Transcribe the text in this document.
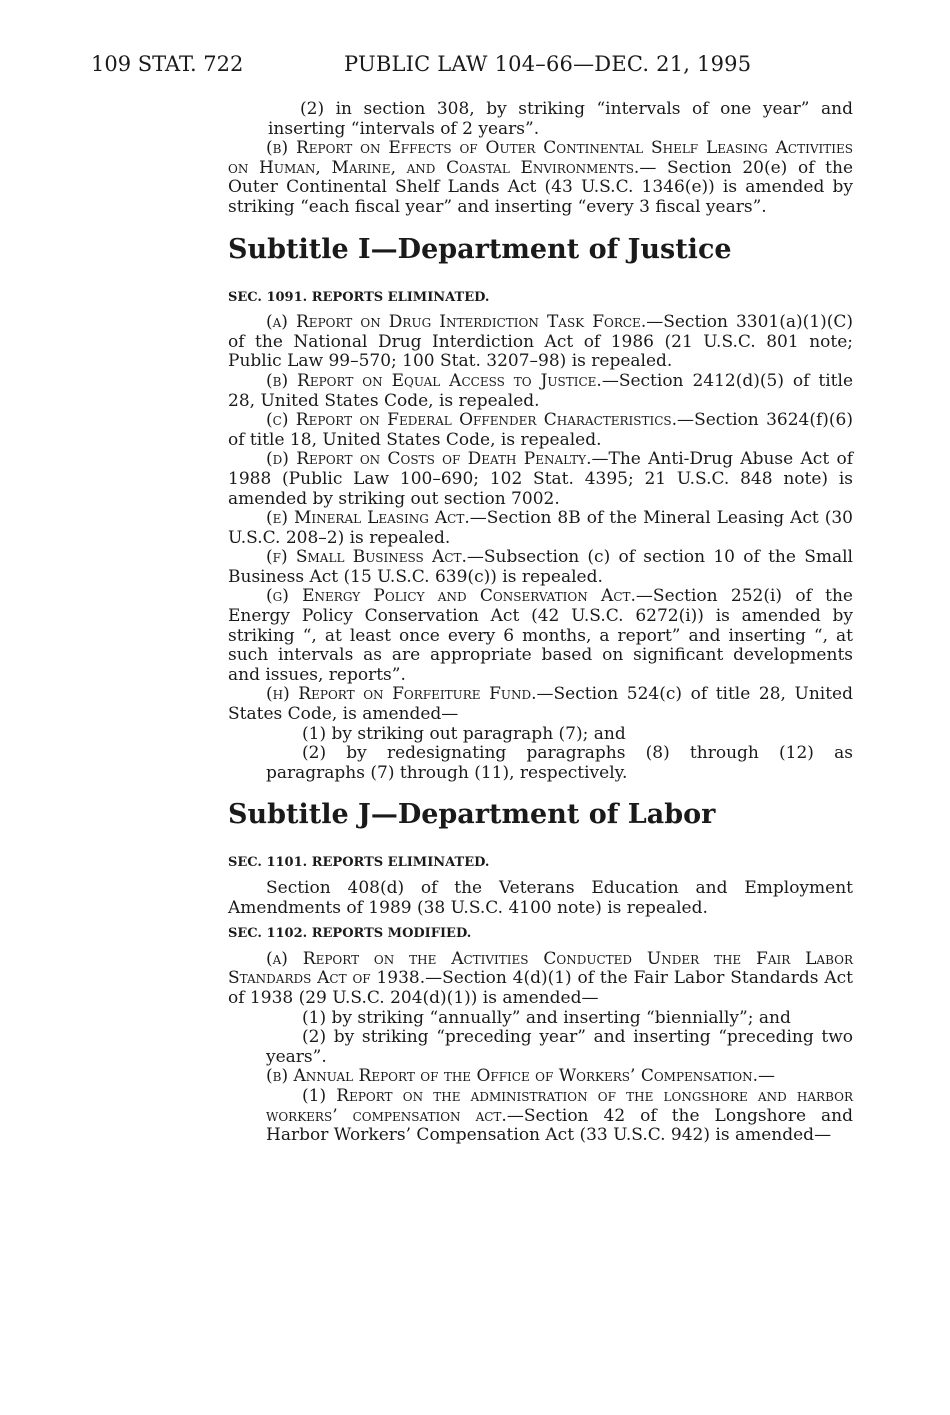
109 STAT. 722	PUBLIC LAW 104–66—DEC. 21, 1995

(2) in section 308, by striking “intervals of one year” and inserting “intervals of 2 years”.

(b) Report on Effects of Outer Continental Shelf Leasing Activities on Human, Marine, and Coastal Environments.— Section 20(e) of the Outer Continental Shelf Lands Act (43 U.S.C. 1346(e)) is amended by striking “each fiscal year” and inserting “every 3 fiscal years”.

Subtitle I—Department of Justice

SEC. 1091. REPORTS ELIMINATED.

(a) Report on Drug Interdiction Task Force.—Section 3301(a)(1)(C) of the National Drug Interdiction Act of 1986 (21 U.S.C. 801 note; Public Law 99–570; 100 Stat. 3207–98) is repealed.

(b) Report on Equal Access to Justice.—Section 2412(d)(5) of title 28, United States Code, is repealed.

(c) Report on Federal Offender Characteristics.—Section 3624(f)(6) of title 18, United States Code, is repealed.

(d) Report on Costs of Death Penalty.—The Anti-Drug Abuse Act of 1988 (Public Law 100–690; 102 Stat. 4395; 21 U.S.C. 848 note) is amended by striking out section 7002.

(e) Mineral Leasing Act.—Section 8B of the Mineral Leasing Act (30 U.S.C. 208–2) is repealed.

(f) Small Business Act.—Subsection (c) of section 10 of the Small Business Act (15 U.S.C. 639(c)) is repealed.

(g) Energy Policy and Conservation Act.—Section 252(i) of the Energy Policy Conservation Act (42 U.S.C. 6272(i)) is amended by striking “, at least once every 6 months, a report” and inserting “, at such intervals as are appropriate based on significant developments and issues, reports”.

(h) Report on Forfeiture Fund.—Section 524(c) of title 28, United States Code, is amended—

(1) by striking out paragraph (7); and

(2) by redesignating paragraphs (8) through (12) as paragraphs (7) through (11), respectively.

Subtitle J—Department of Labor

SEC. 1101. REPORTS ELIMINATED.

Section 408(d) of the Veterans Education and Employment Amendments of 1989 (38 U.S.C. 4100 note) is repealed.

SEC. 1102. REPORTS MODIFIED.

(a) Report on the Activities Conducted Under the Fair Labor Standards Act of 1938.—Section 4(d)(1) of the Fair Labor Standards Act of 1938 (29 U.S.C. 204(d)(1)) is amended—

(1) by striking “annually” and inserting “biennially”; and

(2) by striking “preceding year” and inserting “preceding two years”.

(b) Annual Report of the Office of Workers’ Compensation.—

(1) Report on the administration of the longshore and harbor workers’ compensation act.—Section 42 of the Longshore and Harbor Workers’ Compensation Act (33 U.S.C. 942) is amended—
